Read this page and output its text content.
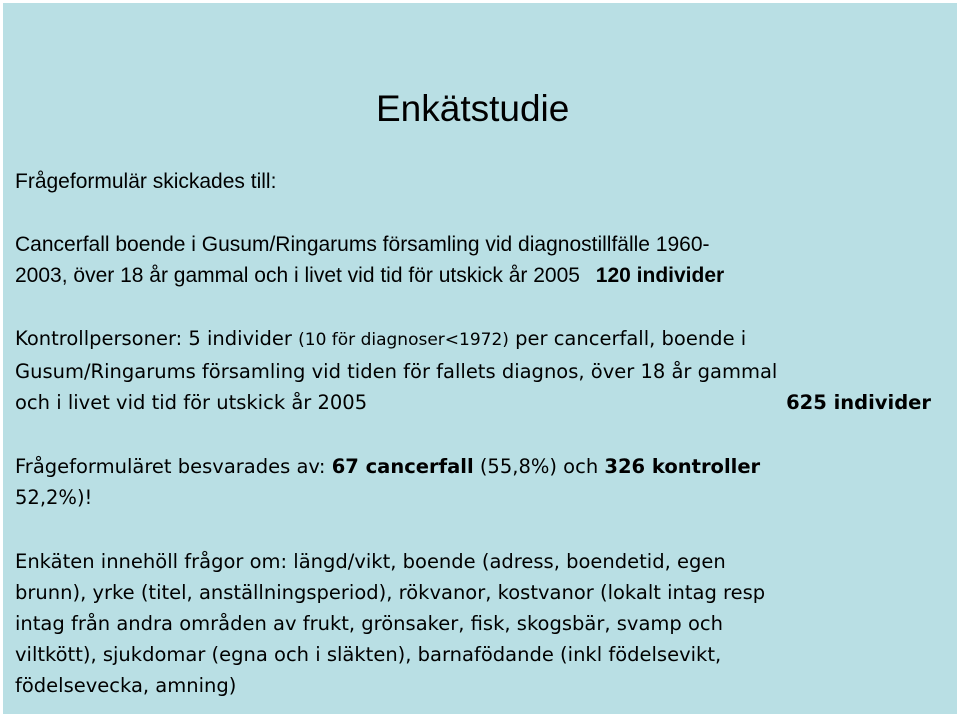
Enkätstudie

Frågeformulär skickades till:

Cancerfall boende i Gusum/Ringarums församling vid diagnostillfälle 1960-
2003, över 18 år gammal och i livet vid tid för utskick år 2005 120 individer
Kontrollpersoner: 5 individer (10 för diagnoser<1972) per cancerfall, boende i
Gusum/Ringarums församling vid tiden för fallets diagnos, över 18 år gammal
och i livet vid tid för utskick år 2005	625 individer
Frågeformuläret besvarades av: 67 cancerfall (55,8%) och 326 kontroller
52,2%)!
Enkäten innehöll frågor om: längd/vikt, boende (adress, boendetid, egen
brunn), yrke (titel, anställningsperiod), rökvanor, kostvanor (lokalt intag resp
intag från andra områden av frukt, grönsaker, fisk, skogsbär, svamp och
viltkött), sjukdomar (egna och i släkten), barnafödande (inkl födelsevikt,
födelsevecka, amning)
